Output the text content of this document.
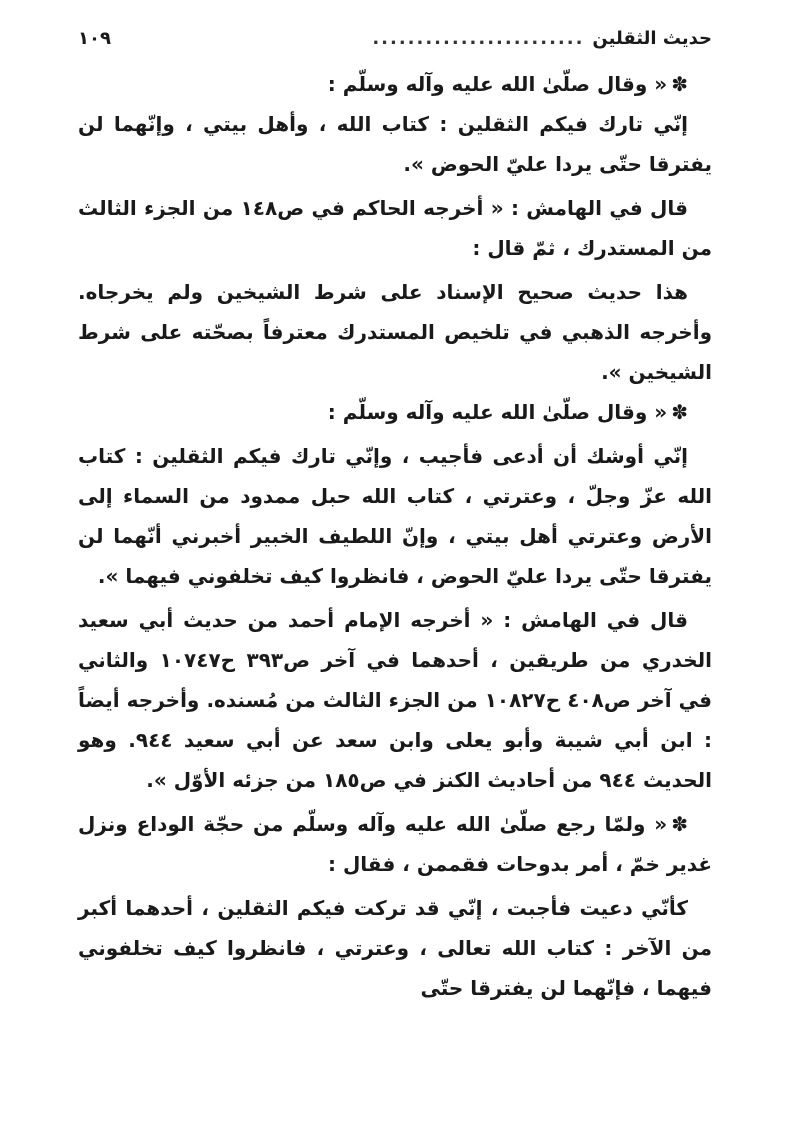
حديث الثقلين
........................
١٠٩

✽« وقال صلّىٰ الله عليه وآله وسلّم :

إنّي تارك فيكم الثقلين : كتاب الله ، وأهل بيتي ، وإنّهما لن يفترقا حتّى يردا عليّ الحوض ».

قال في الهامش : « أخرجه الحاكم في ص١٤٨ من الجزء الثالث من المستدرك ، ثمّ قال :

هذا حديث صحيح الإسناد على شرط الشيخين ولم يخرجاه. وأخرجه الذهبي في تلخيص المستدرك معترفاً بصحّته على شرط الشيخين ».

✽« وقال صلّىٰ الله عليه وآله وسلّم :

إنّي أوشك أن أدعى فأجيب ، وإنّي تارك فيكم الثقلين : كتاب الله عزّ وجلّ ، وعترتي ، كتاب الله حبل ممدود من السماء إلى الأرض وعترتي أهل بيتي ، وإنّ اللطيف الخبير أخبرني أنّهما لن يفترقا حتّى يردا عليّ الحوض ، فانظروا كيف تخلفوني فيهما ».

قال في الهامش : « أخرجه الإمام أحمد من حديث أبي سعيد الخدري من طريقين ، أحدهما في آخر ص٣٩٣ ح١٠٧٤٧ والثاني في آخر ص٤٠٨ ح١٠٨٢٧ من الجزء الثالث من مُسنده. وأخرجه أيضاً : ابن أبي شيبة وأبو يعلى وابن سعد عن أبي سعيد ٩٤٤. وهو الحديث ٩٤٤ من أحاديث الكنز في ص١٨٥ من جزئه الأوّل ».

✽« ولمّا رجع صلّىٰ الله عليه وآله وسلّم من حجّة الوداع ونزل غدير خمّ ، أمر بدوحات فقممن ، فقال :

كأنّي دعيت فأجبت ، إنّي قد تركت فيكم الثقلين ، أحدهما أكبر من الآخر : كتاب الله تعالى ، وعترتي ، فانظروا كيف تخلفوني فيهما ، فإنّهما لن يفترقا حتّى
